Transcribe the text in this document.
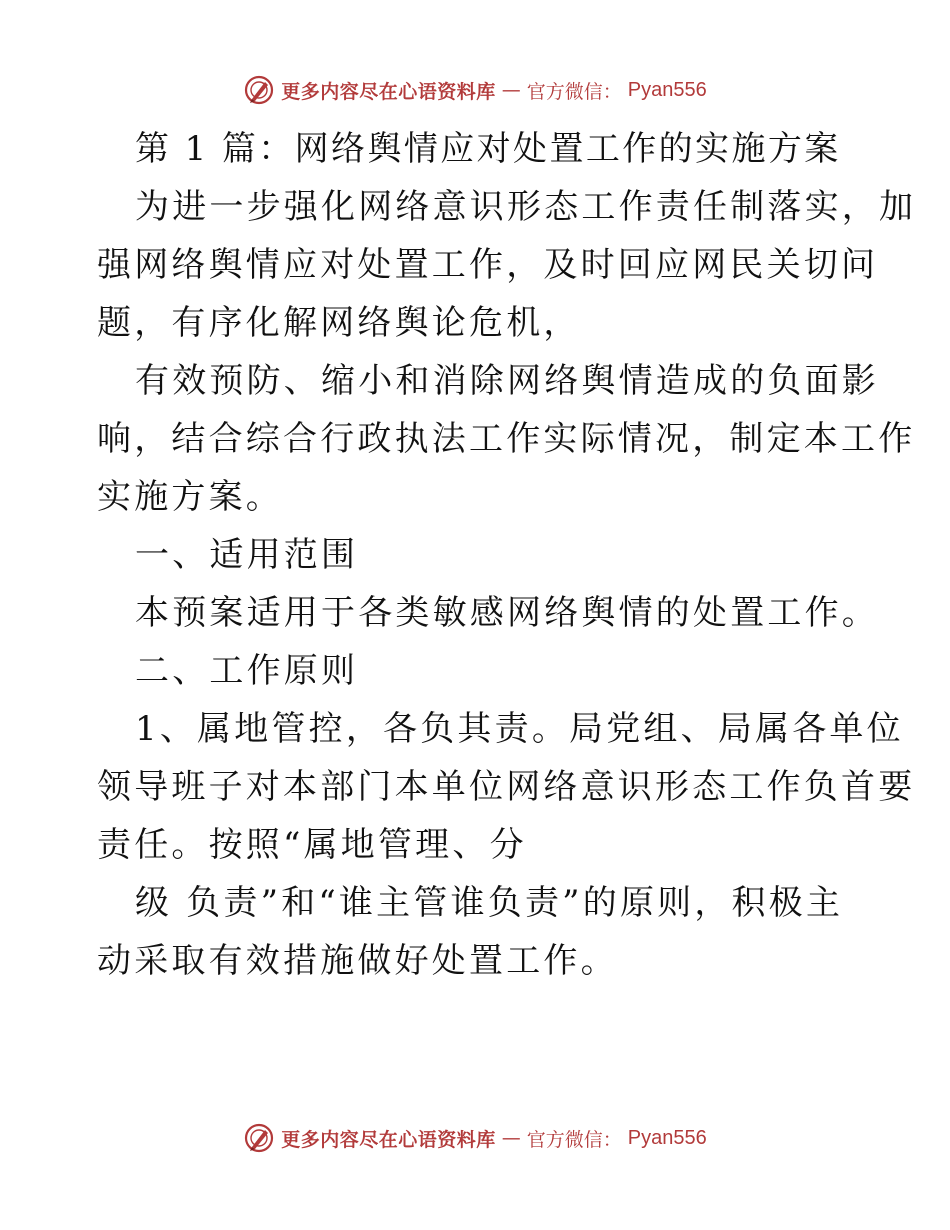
更多内容尽在心语资料库 — 官方微信： Pyan556
第 1 篇：网络舆情应对处置工作的实施方案
为进一步强化网络意识形态工作责任制落实，加
强网络舆情应对处置工作，及时回应网民关切问
题，有序化解网络舆论危机，
有效预防、缩小和消除网络舆情造成的负面影
响，结合综合行政执法工作实际情况，制定本工作
实施方案。
一、适用范围
本预案适用于各类敏感网络舆情的处置工作。
二、工作原则
1、属地管控，各负其责。局党组、局属各单位
领导班子对本部门本单位网络意识形态工作负首要
责任。按照“属地管理、分
级 负责”和“谁主管谁负责”的原则，积极主
动采取有效措施做好处置工作。
更多内容尽在心语资料库 — 官方微信： Pyan556
